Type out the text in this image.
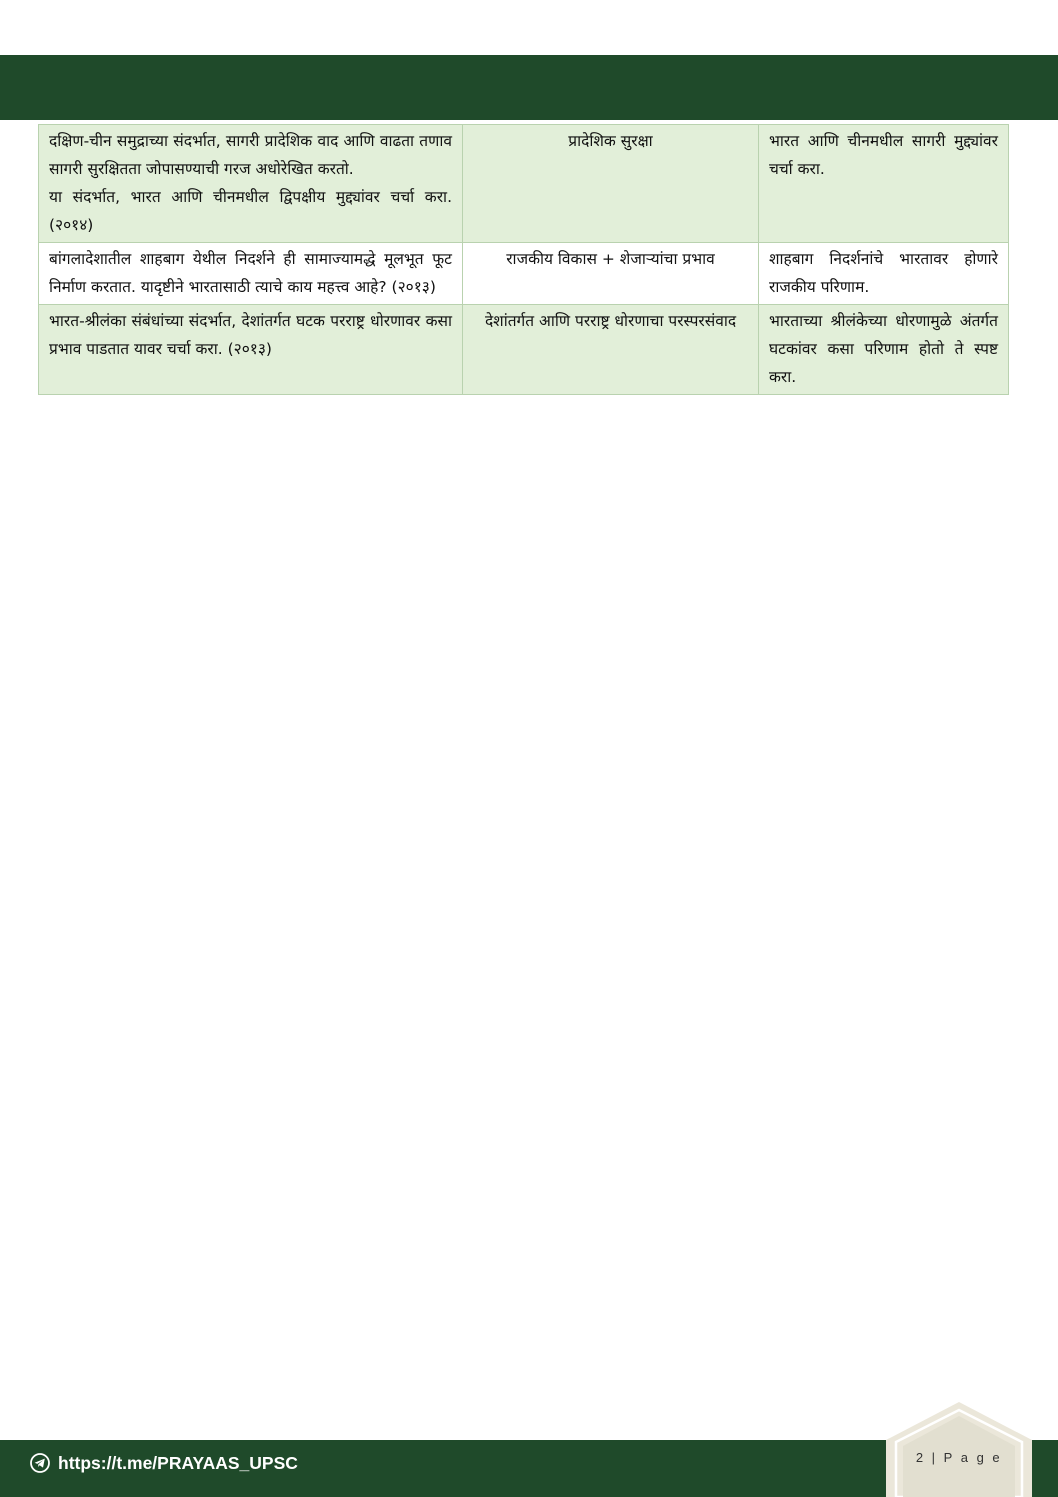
दक्षिण-चीन समुद्राच्या संदर्भात, सागरी प्रादेशिक वाद आणि वाढता तणाव सागरी सुरक्षितता जोपासण्याची गरज अधोरेखित करतो.
या संदर्भात, भारत आणि चीनमधील द्विपक्षीय मुद्द्यांवर चर्चा करा. (२०१४)	प्रादेशिक सुरक्षा	भारत आणि चीनमधील सागरी मुद्द्यांवर चर्चा करा.

बांगलादेशातील शाहबाग येथील निदर्शने ही सामाज्यामद्धे मूलभूत फूट निर्माण करतात. यादृष्टीने भारतासाठी त्याचे काय महत्त्व आहे? (२०१३)	राजकीय विकास + शेजाऱ्यांचा प्रभाव	शाहबाग निदर्शनांचे भारतावर होणारे राजकीय परिणाम.

भारत-श्रीलंका संबंधांच्या संदर्भात, देशांतर्गत घटक परराष्ट्र धोरणावर कसा प्रभाव पाडतात यावर चर्चा करा. (२०१३)	देशांतर्गत आणि परराष्ट्र धोरणाचा परस्परसंवाद	भारताच्या श्रीलंकेच्या धोरणामुळे अंतर्गत घटकांवर कसा परिणाम होतो ते स्पष्ट करा.
https://t.me/PRAYAAS_UPSC	2 | P a g e
